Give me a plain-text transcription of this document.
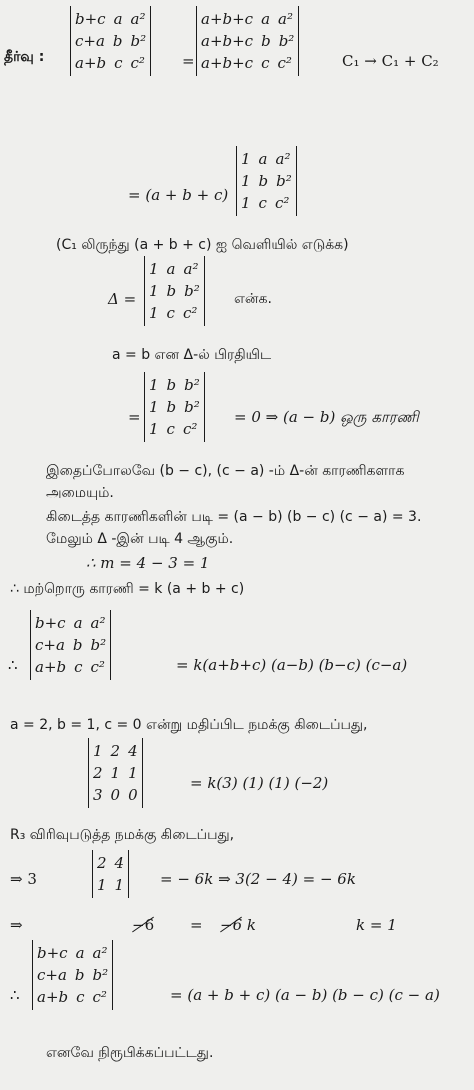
தீர்வு :
b+c a a²
c+a b b²
a+b c c² =
a+b+c a a²
a+b+c b b²
a+b+c c c²	C₁ → C₁ + C₂
= (a + b + c)
1 a a²
1 b b²
1 c c²
(C₁ லிருந்து (a + b + c) ஐ வெளியில் எடுக்க)
Δ =
1 a a²
1 b b²
1 c c²
என்க.
a = b என Δ-ல் பிரதியிட
=
1 b b²
1 b b²
1 c c²
= 0 ⇒ (a − b) ஒரு காரணி
இதைப்போலவே (b − c), (c − a) -ம் Δ-ன் காரணிகளாக
அமையும்.
கிடைத்த காரணிகளின் படி = (a − b) (b − c) (c − a) = 3.
மேலும் Δ -இன் படி 4 ஆகும்.
∴ m = 4 − 3 = 1
∴ மற்றொரு காரணி = k (a + b + c)
∴
b+c a a²
c+a b b²
a+b c c²	= k(a+b+c) (a−b) (b−c) (c−a)
a = 2, b = 1, c = 0 என்று மதிப்பிட நமக்கு கிடைப்பது,
1 2 4
2 1 1
3 0 0
= k(3) (1) (1) (−2)
R₃ விரிவுபடுத்த நமக்கு கிடைப்பது,
⇒ 3
2 4
1 1 = − 6k ⇒ 3(2 − 4) = − 6k
⇒	−6 = −6 k	k = 1
∴
b+c a a²
c+a b b²
a+b c c²	= (a + b + c) (a − b) (b − c) (c − a)
எனவே நிரூபிக்கப்பட்டது.
